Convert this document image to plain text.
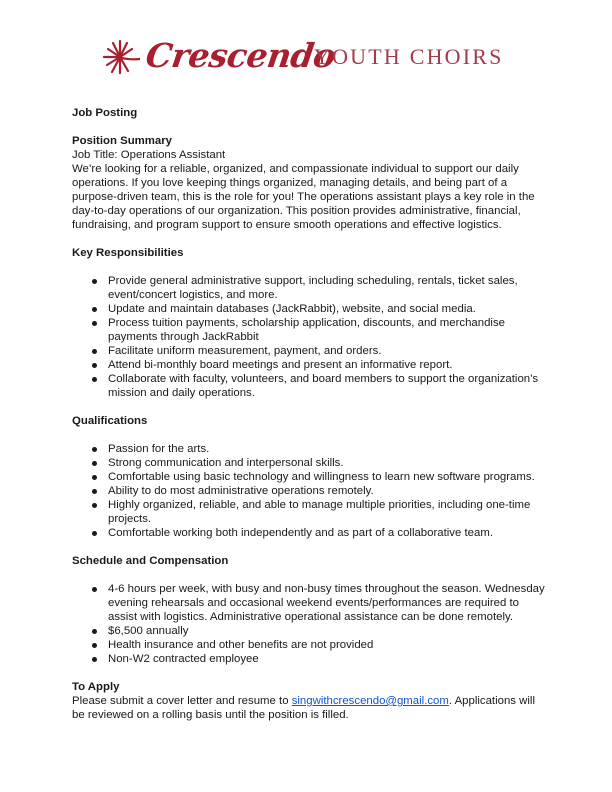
Crescendo
YOUTH CHOIRS

Job Posting

Position Summary

Job Title: Operations Assistant

We’re looking for a reliable, organized, and compassionate individual to support our daily operations. If you love keeping things organized, managing details, and being part of a purpose-driven team, this is the role for you! The operations assistant plays a key role in the day-to-day operations of our organization. This position provides administrative, financial, fundraising, and program support to ensure smooth operations and effective logistics.

Key Responsibilities

Provide general administrative support, including scheduling, rentals, ticket sales, event/concert logistics, and more.
Update and maintain databases (JackRabbit), website, and social media.
Process tuition payments, scholarship application, discounts, and merchandise payments through JackRabbit
Facilitate uniform measurement, payment, and orders.
Attend bi-monthly board meetings and present an informative report.
Collaborate with faculty, volunteers, and board members to support the organization’s mission and daily operations.

Qualifications

Passion for the arts.
Strong communication and interpersonal skills.
Comfortable using basic technology and willingness to learn new software programs.
Ability to do most administrative operations remotely.
Highly organized, reliable, and able to manage multiple priorities, including one-time projects.
Comfortable working both independently and as part of a collaborative team.

Schedule and Compensation

4-6 hours per week, with busy and non-busy times throughout the season. Wednesday evening rehearsals and occasional weekend events/performances are required to assist with logistics. Administrative operational assistance can be done remotely.
$6,500 annually
Health insurance and other benefits are not provided
Non-W2 contracted employee

To Apply

Please submit a cover letter and resume to singwithcrescendo@gmail.com. Applications will be reviewed on a rolling basis until the position is filled.
